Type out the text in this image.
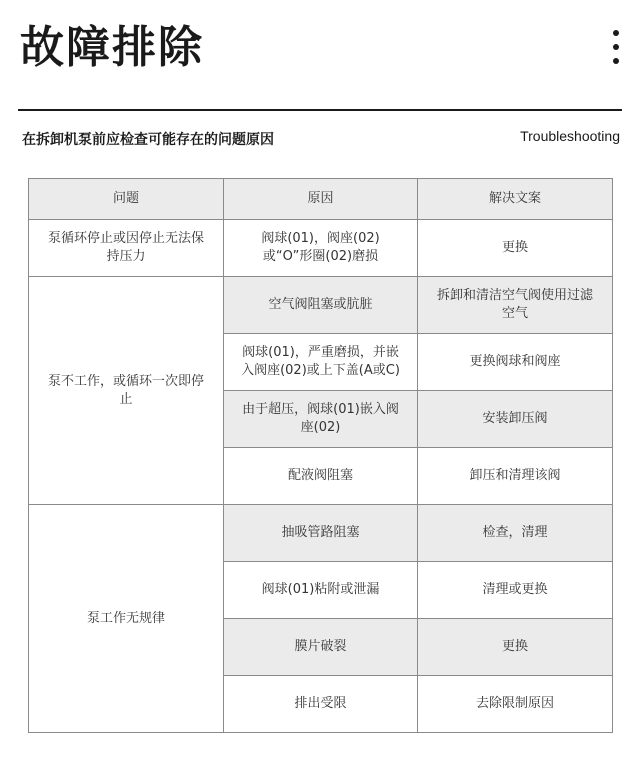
故障排除
在拆卸机泵前应检查可能存在的问题原因	Troubleshooting
问题	原因	解决文案
泵循环停止或因停止无法保持压力	阀球(01)，阀座(02)或“O”形圈(02)磨损	更换
泵不工作，或循环一次即停止	空气阀阻塞或肮脏	拆卸和清洁空气阀使用过滤空气
	阀球(01)，严重磨损，并嵌入阀座(02)或上下盖(A或C)	更换阀球和阀座
	由于超压，阀球(01)嵌入阀座(02)	安装卸压阀
	配液阀阻塞	卸压和清理该阀
泵工作无规律	抽吸管路阻塞	检查，清理
	阀球(01)粘附或泄漏	清理或更换
	膜片破裂	更换
	排出受限	去除限制原因
